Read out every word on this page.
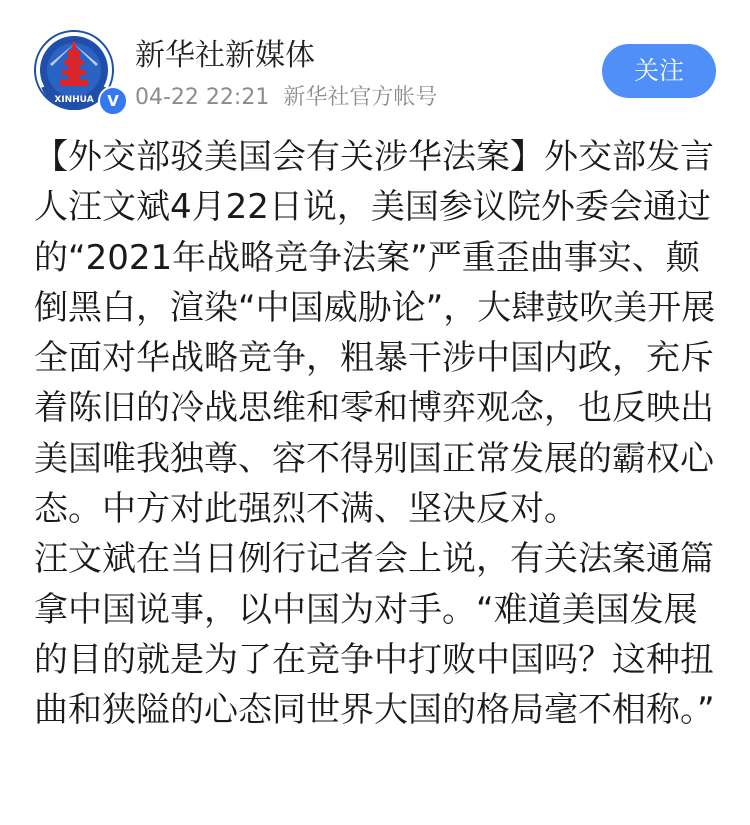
XINHUA V
新华社新媒体
04-22 22:21 新华社官方帐号
关注

【外交部驳美国会有关涉华法案】外交部发言人汪文斌4月22日说，美国参议院外委会通过的“2021年战略竞争法案”严重歪曲事实、颠倒黑白，渲染“中国威胁论”，大肆鼓吹美开展全面对华战略竞争，粗暴干涉中国内政，充斥着陈旧的冷战思维和零和博弈观念，也反映出美国唯我独尊、容不得别国正常发展的霸权心态。中方对此强烈不满、坚决反对。

汪文斌在当日例行记者会上说，有关法案通篇拿中国说事，以中国为对手。“难道美国发展的目的就是为了在竞争中打败中国吗？这种扭曲和狭隘的心态同世界大国的格局毫不相称。”
